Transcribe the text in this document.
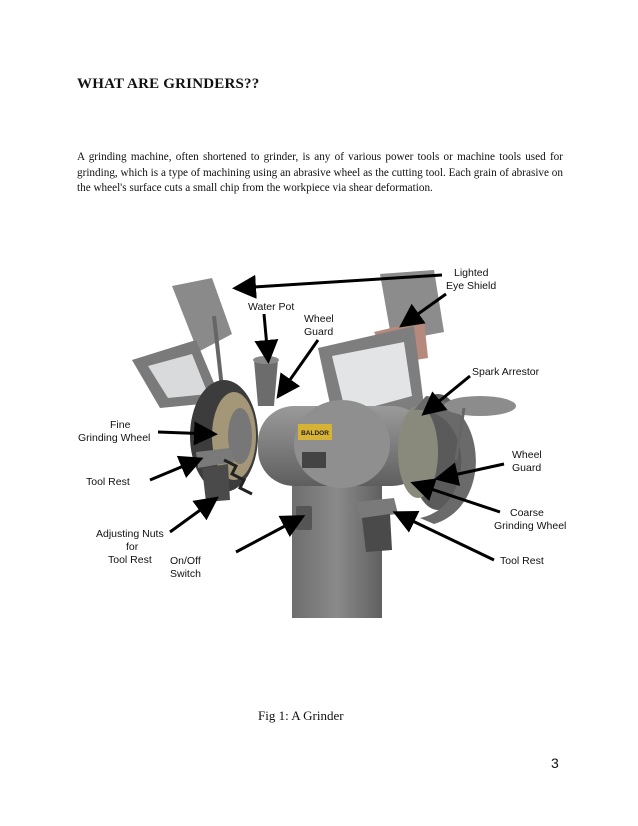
WHAT ARE GRINDERS??

A grinding machine, often shortened to grinder, is any of various power tools or machine tools used for grinding, which is a type of machining using an abrasive wheel as the cutting tool. Each grain of abrasive on the wheel's surface cuts a small chip from the workpiece via shear deformation.

BALDOR
Lighted
Eye Shield
Water Pot
Wheel
Guard
Spark Arrestor
Fine
Grinding Wheel
Wheel
Guard
Tool Rest
Coarse
Grinding Wheel
Adjusting Nuts
for
Tool Rest On/Off
Switch
Tool Rest

Fig 1: A Grinder

3
